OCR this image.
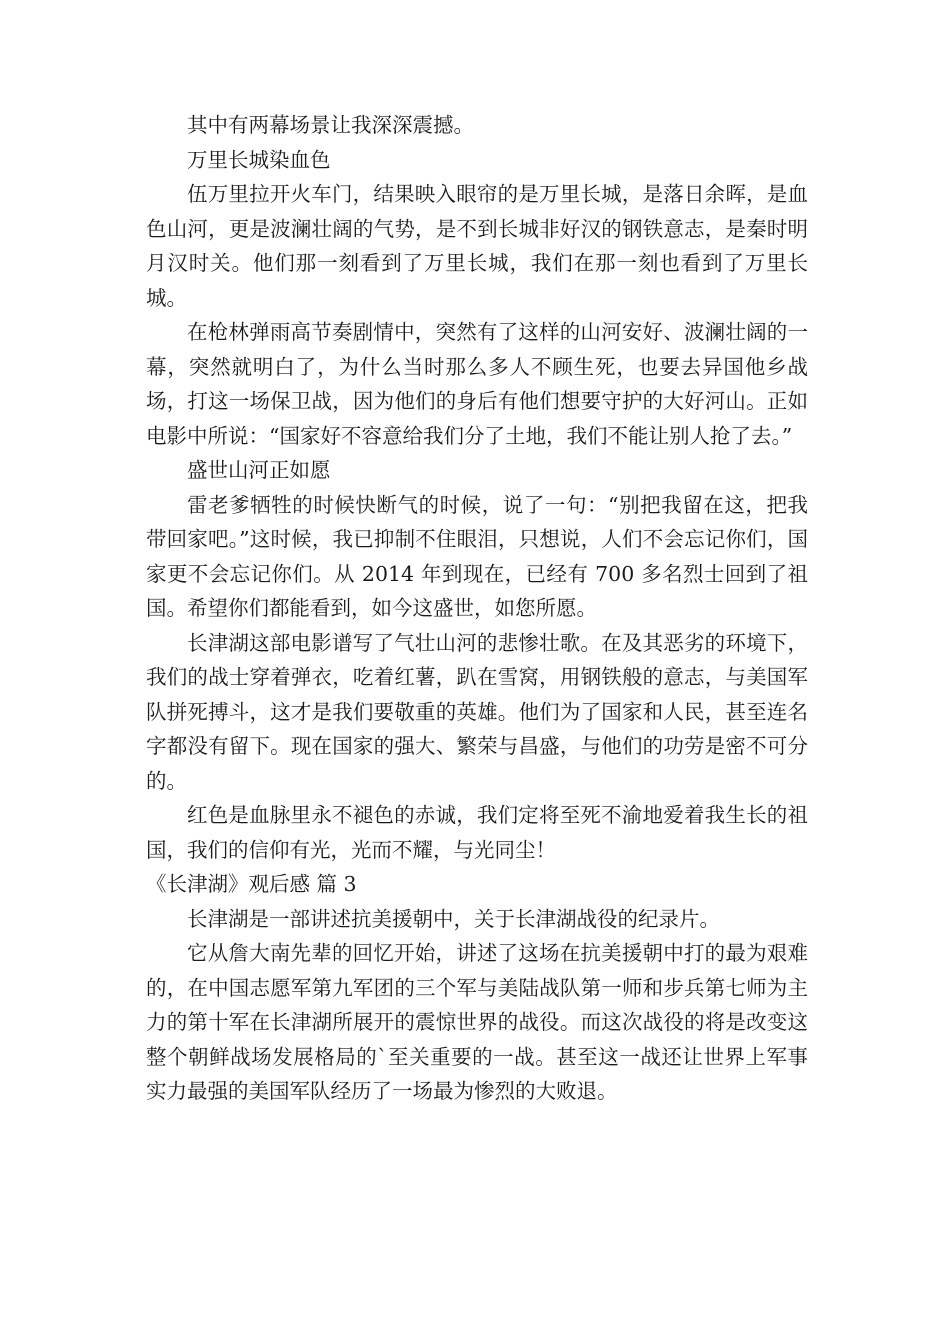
其中有两幕场景让我深深震撼。

万里长城染血色

伍万里拉开火车门，结果映入眼帘的是万里长城，是落日余晖，是血色山河，更是波澜壮阔的气势，是不到长城非好汉的钢铁意志，是秦时明月汉时关。他们那一刻看到了万里长城，我们在那一刻也看到了万里长城。

在枪林弹雨高节奏剧情中，突然有了这样的山河安好、波澜壮阔的一幕，突然就明白了，为什么当时那么多人不顾生死，也要去异国他乡战场，打这一场保卫战，因为他们的身后有他们想要守护的大好河山。正如电影中所说：“国家好不容意给我们分了土地，我们不能让别人抢了去。”

盛世山河正如愿

雷老爹牺牲的时候快断气的时候，说了一句：“别把我留在这，把我带回家吧。”这时候，我已抑制不住眼泪，只想说，人们不会忘记你们，国家更不会忘记你们。从 2014 年到现在，已经有 700 多名烈士回到了祖国。希望你们都能看到，如今这盛世，如您所愿。

长津湖这部电影谱写了气壮山河的悲惨壮歌。在及其恶劣的环境下，我们的战士穿着弹衣，吃着红薯，趴在雪窝，用钢铁般的意志，与美国军队拼死搏斗，这才是我们要敬重的英雄。他们为了国家和人民，甚至连名字都没有留下。现在国家的强大、繁荣与昌盛，与他们的功劳是密不可分的。

红色是血脉里永不褪色的赤诚，我们定将至死不渝地爱着我生长的祖国，我们的信仰有光，光而不耀，与光同尘！

《长津湖》观后感 篇 3

长津湖是一部讲述抗美援朝中，关于长津湖战役的纪录片。

它从詹大南先辈的回忆开始，讲述了这场在抗美援朝中打的最为艰难的，在中国志愿军第九军团的三个军与美陆战队第一师和步兵第七师为主力的第十军在长津湖所展开的震惊世界的战役。而这次战役的将是改变这整个朝鲜战场发展格局的`至关重要的一战。甚至这一战还让世界上军事实力最强的美国军队经历了一场最为惨烈的大败退。
